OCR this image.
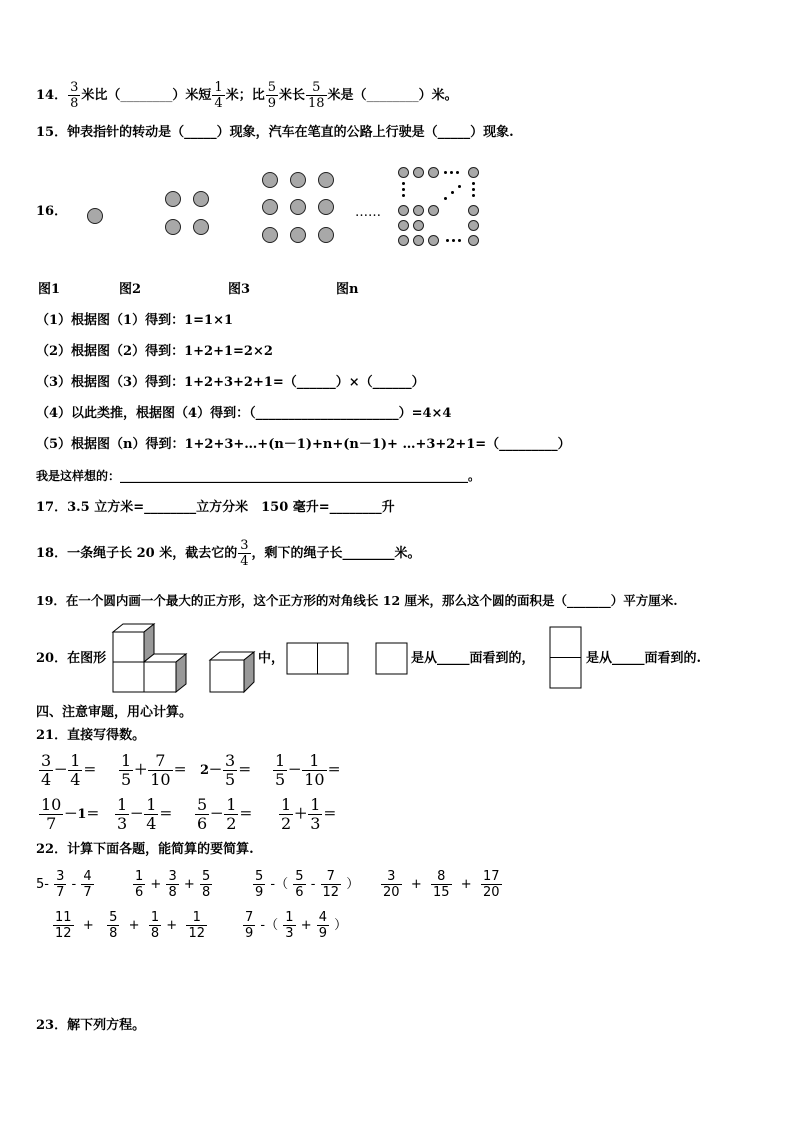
14． $\frac{3}{8}$ 米比（________）米短 $\frac{1}{4}$ 米；比 $\frac{5}{9}$ 米长 $\frac{5}{18}$ 米是（________）米。
15．钟表指针的转动是（_____）现象，汽车在笔直的公路上行驶是（_____）现象.
16．	……
图1	图2	图3	图n
（1）根据图（1）得到：1=1×1
（2）根据图（2）得到：1+2+1=2×2
（3）根据图（3）得到：1+2+3+2+1=（______）×（______）
（4）以此类推，根据图（4）得到：（______________________）=4×4
（5）根据图（n）得到：1+2+3+…+(n－1)+n+(n－1)+ …+3+2+1=（_________）
我是这样想的：__________________________________________________________。
17．3.5 立方米=________立方分米　150 毫升=________升
18．一条绳子长 20 米，截去它的 $\frac{3}{4}$ ，剩下的绳子长________米。
19．在一个圆内画一个最大的正方形，这个正方形的对角线长 12 厘米，那么这个圆的面积是（_______）平方厘米.
20．在图形	中，	是从_____面看到的，	是从_____面看到的.
四、注意审题，用心计算。
21．直接写得数。
$\frac{3}{4} - \frac{1}{4} = \frac{1}{5} + \frac{7}{10} = 2- \frac{3}{5} = \frac{1}{5} - \frac{1}{10}$ ＝
$\frac{10}{7} -1= \frac{1}{3} - \frac{1}{4} = \frac{5}{6} - \frac{1}{2} = \frac{1}{2} + \frac{1}{3}$ ＝
22．计算下面各题，能简算的要简算.
$5- \frac{3}{7} - \frac{4}{7}$	$\frac{1}{6} + \frac{3}{8} + \frac{5}{8}$	$\frac{5}{9}$ -（ $\frac{5}{6} - \frac{7}{12}$ ） $\frac{3}{20} + \frac{8}{15} + \frac{17}{20}$
$\frac{11}{12} + \frac{5}{8} + \frac{1}{8} + \frac{1}{12}$	$\frac{7}{9}$ -（ $\frac{1}{3} + \frac{4}{9}$ ）
23．解下列方程。
